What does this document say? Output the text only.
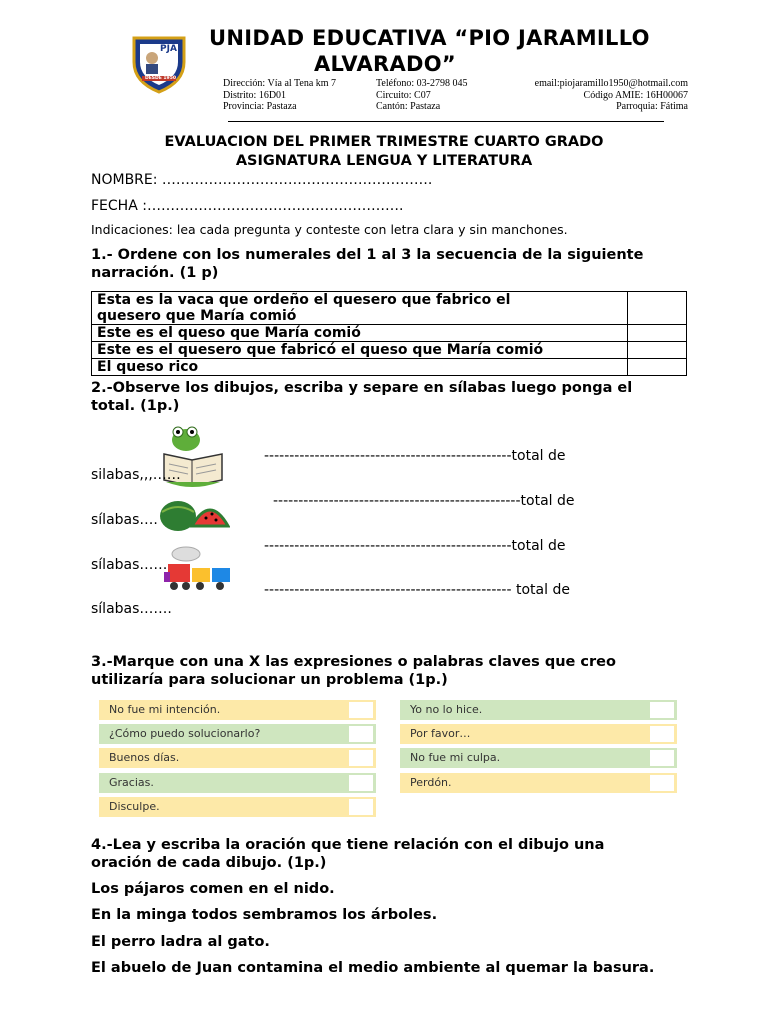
PJA
DESDE 1950
UNIDAD EDUCATIVA “PIO JARAMILLO
ALVARADO”
Dirección: Vía al Tena km 7
Distrito: 16D01
Provincia: Pastaza
Teléfono: 03-2798 045
Circuito: C07
Cantón: Pastaza
email:piojaramillo1950@hotmail.com
Código AMIE: 16H00067
Parroquia: Fátima
EVALUACION DEL PRIMER TRIMESTRE CUARTO GRADO
ASIGNATURA LENGUA Y LITERATURA
NOMBRE: ………………………………………………….
FECHA :……………………………………………….
Indicaciones: lea cada pregunta y conteste con letra clara y sin manchones.
1.- Ordene con los numerales del 1 al 3 la secuencia de la siguiente
narración. (1 p)
Esta es la vaca que ordeño el quesero que fabrico el
quesero que María comió	

Este es el queso que María comió	
Este es el quesero que fabricó el queso que María comió	
El queso rico	
2.-Observe los dibujos, escriba y separe en sílabas luego ponga el
total. (1p.)
-------------------------------------------------total de
silabas,,,……
-------------------------------------------------total de
sílabas….
-------------------------------------------------total de
sílabas……
------------------------------------------------- total de
sílabas…….
3.-Marque con una X las expresiones o palabras claves que creo
utilizaría para solucionar un problema (1p.)
No fue mi intención.
¿Cómo puedo solucionarlo?
Buenos días.
Gracias.
Disculpe.
Yo no lo hice.
Por favor…
No fue mi culpa.
Perdón.
4.-Lea y escriba la oración que tiene relación con el dibujo una
oración de cada dibujo. (1p.)
Los pájaros comen en el nido.
En la minga todos sembramos los árboles.
El perro ladra al gato.
El abuelo de Juan contamina el medio ambiente al quemar la basura.
